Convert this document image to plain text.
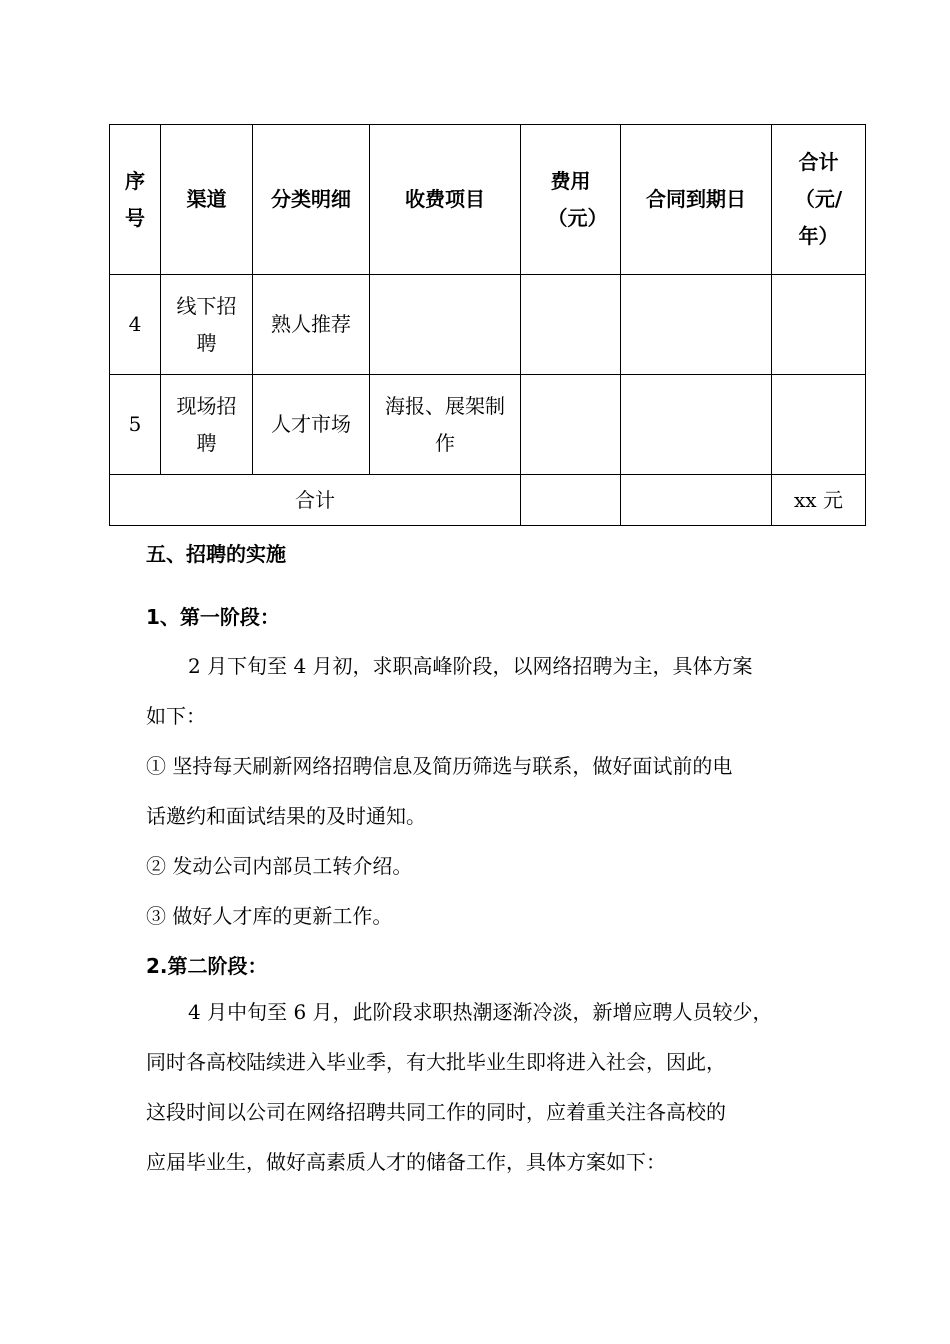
序号	渠道	分类明细	收费项目	费用（元）	合同到期日	合计（元/年）
4	线下招聘	熟人推荐				
5	现场招聘	人才市场	海报、展架制作			
合计						xx 元
五、招聘的实施
1、第一阶段：
2 月下旬至 4 月初，求职高峰阶段，以网络招聘为主，具体方案
如下：
① 坚持每天刷新网络招聘信息及简历筛选与联系，做好面试前的电
话邀约和面试结果的及时通知。
② 发动公司内部员工转介绍。
③ 做好人才库的更新工作。
2.第二阶段：
4 月中旬至 6 月，此阶段求职热潮逐渐冷淡，新增应聘人员较少，
同时各高校陆续进入毕业季，有大批毕业生即将进入社会，因此，
这段时间以公司在网络招聘共同工作的同时，应着重关注各高校的
应届毕业生，做好高素质人才的储备工作，具体方案如下：
